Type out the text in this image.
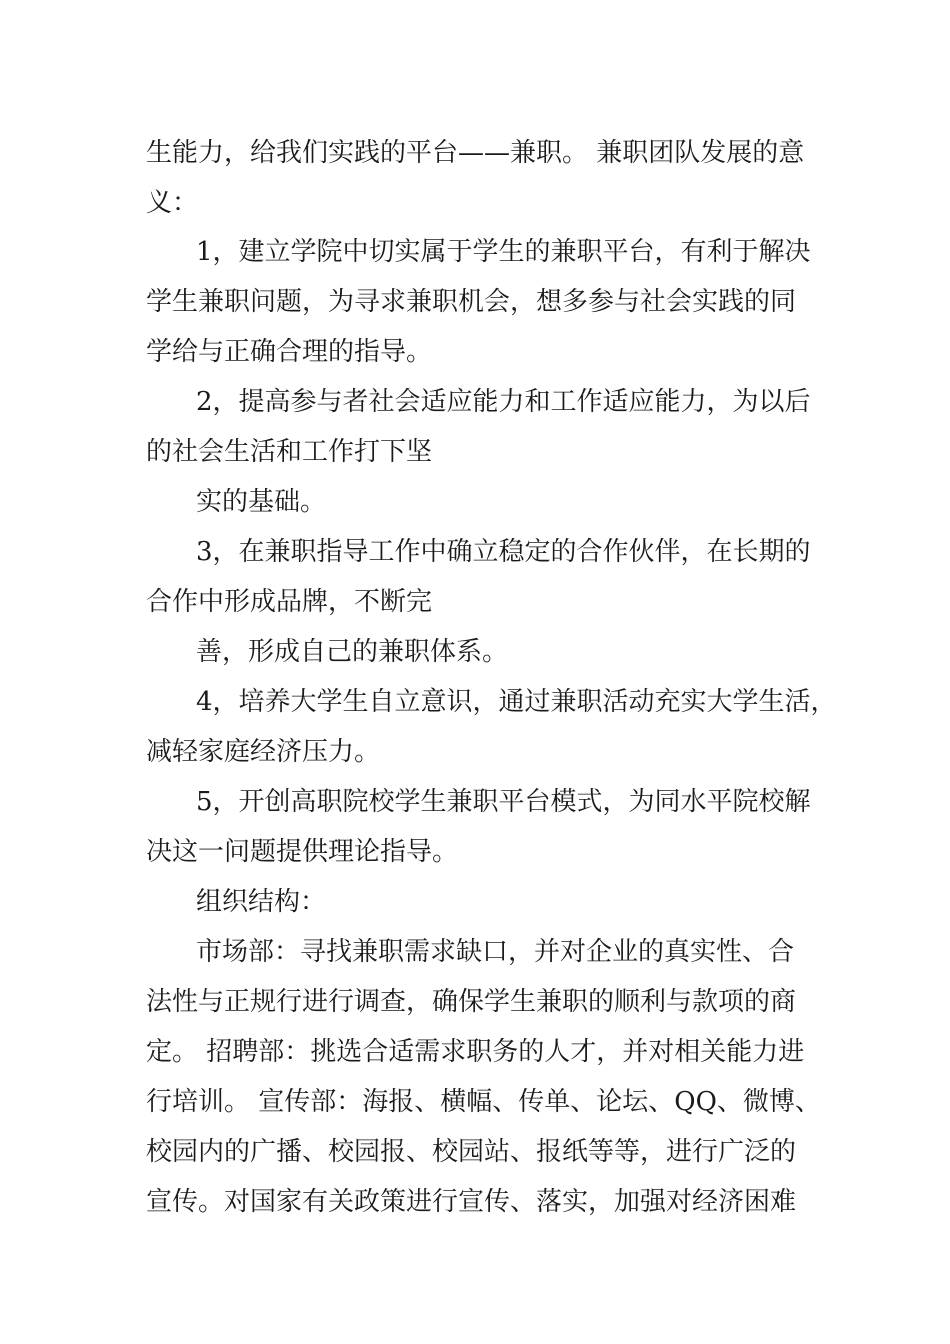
生能力，给我们实践的平台——兼职。 兼职团队发展的意
义：
1，建立学院中切实属于学生的兼职平台，有利于解决
学生兼职问题，为寻求兼职机会，想多参与社会实践的同
学给与正确合理的指导。
2，提高参与者社会适应能力和工作适应能力，为以后
的社会生活和工作打下坚
实的基础。
3，在兼职指导工作中确立稳定的合作伙伴，在长期的
合作中形成品牌，不断完
善，形成自己的兼职体系。
4，培养大学生自立意识，通过兼职活动充实大学生活，
减轻家庭经济压力。
5，开创高职院校学生兼职平台模式，为同水平院校解
决这一问题提供理论指导。
组织结构：
市场部：寻找兼职需求缺口，并对企业的真实性、合
法性与正规行进行调查，确保学生兼职的顺利与款项的商
定。 招聘部：挑选合适需求职务的人才，并对相关能力进
行培训。 宣传部：海报、横幅、传单、论坛、QQ、微博、
校园内的广播、校园报、校园站、报纸等等，进行广泛的
宣传。对国家有关政策进行宣传、落实，加强对经济困难
